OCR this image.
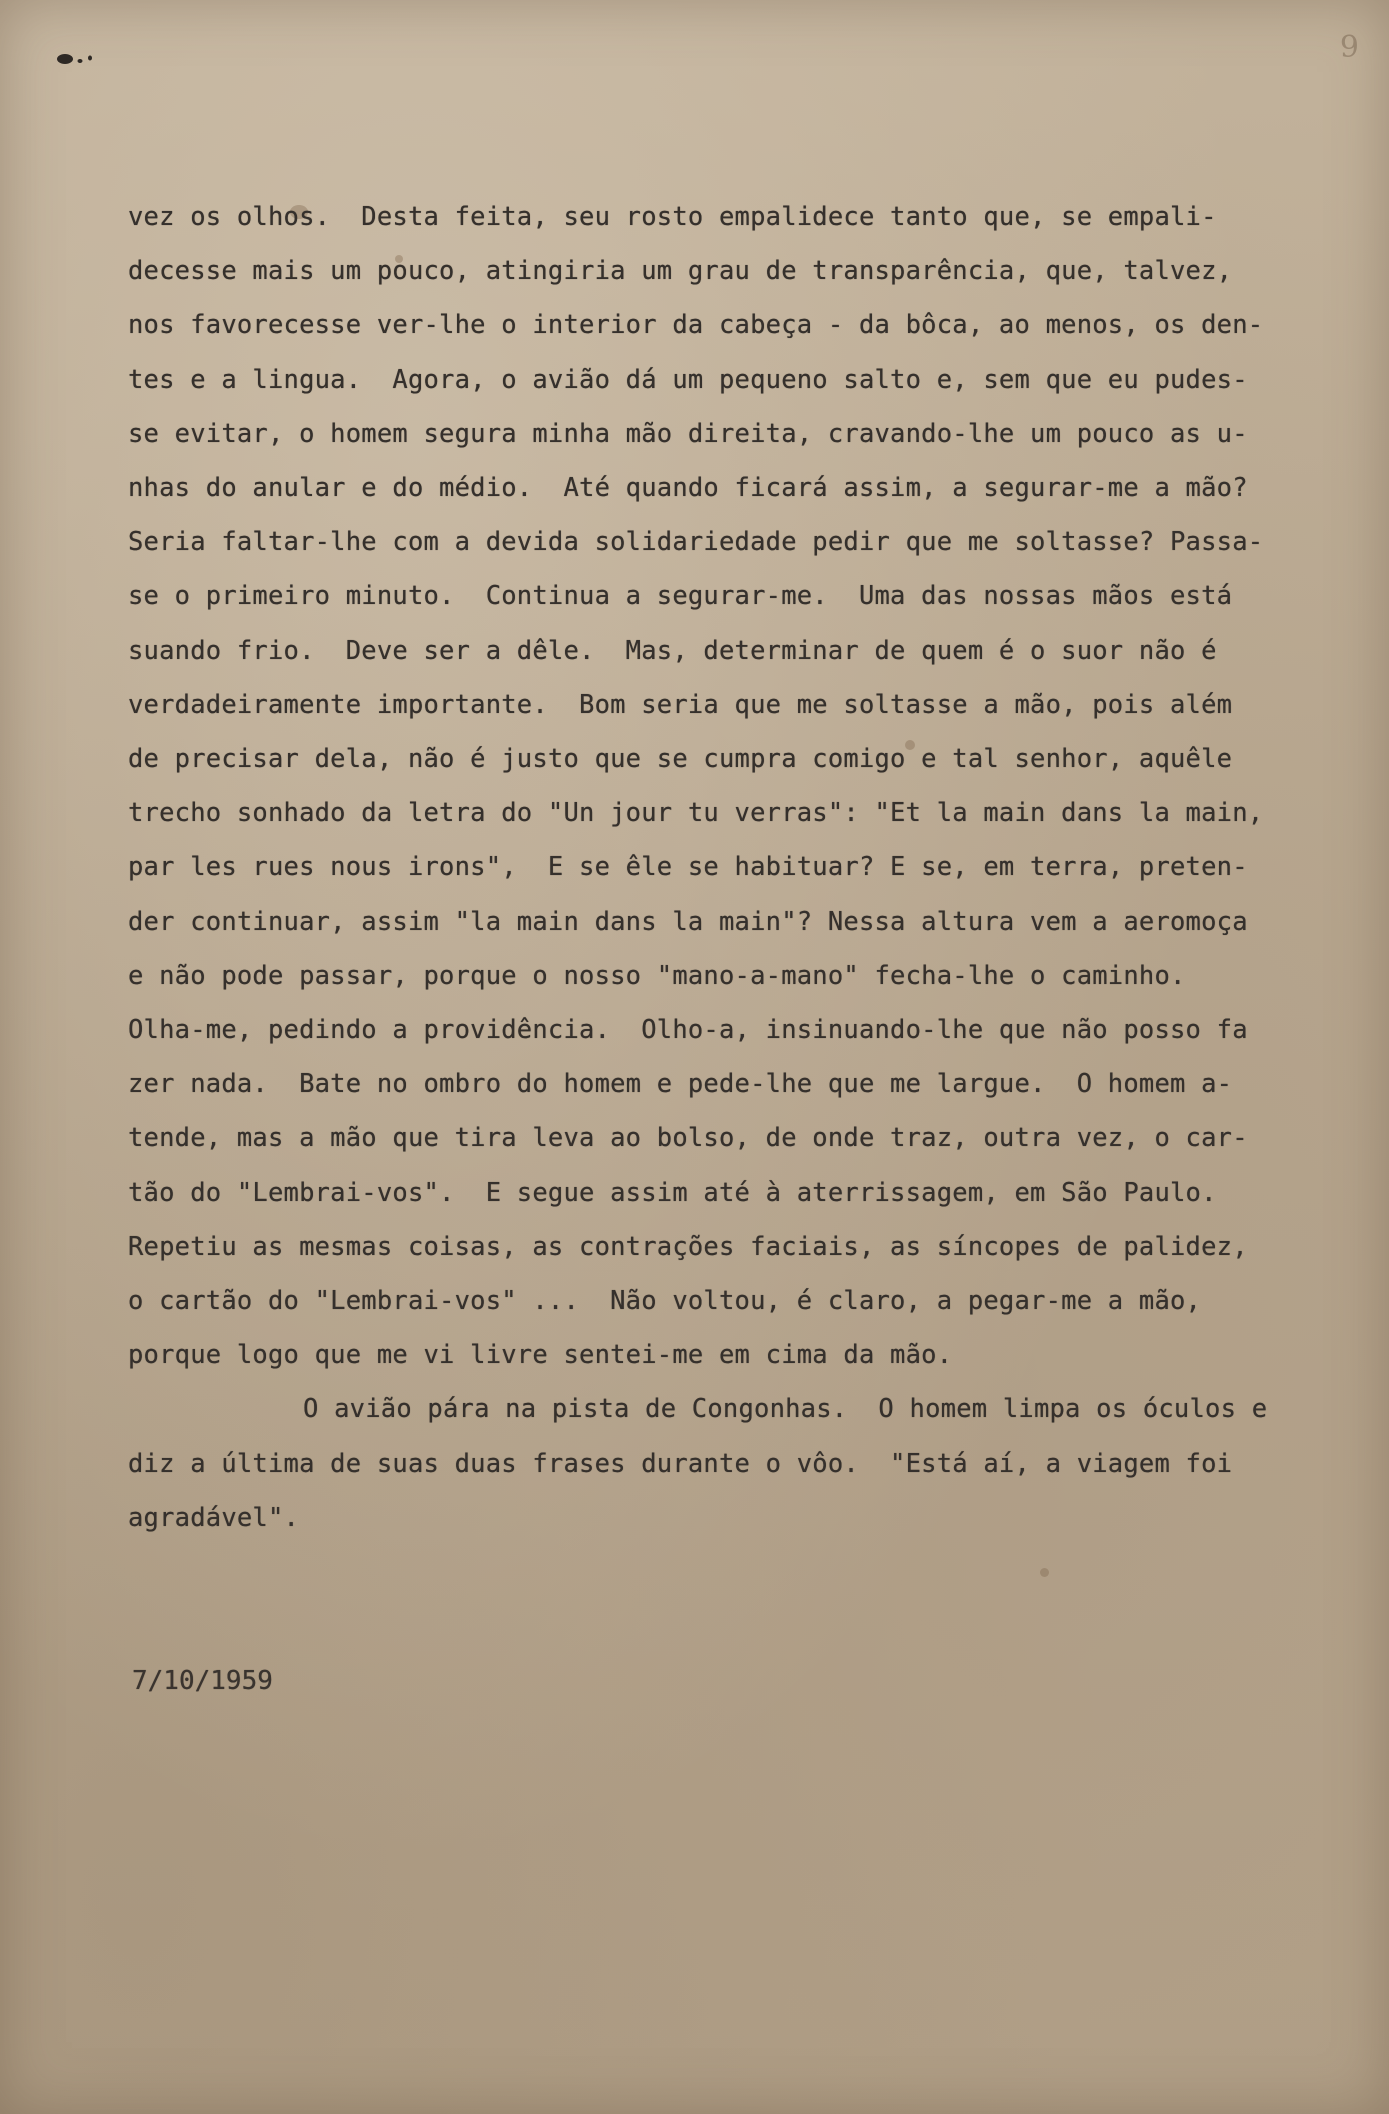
9
vez os olhos.  Desta feita, seu rosto empalidece tanto que, se empali-
decesse mais um pouco, atingiria um grau de transparência, que, talvez,
nos favorecesse ver-lhe o interior da cabeça - da bôca, ao menos, os den-
tes e a lingua.  Agora, o avião dá um pequeno salto e, sem que eu pudes-
se evitar, o homem segura minha mão direita, cravando-lhe um pouco as u-
nhas do anular e do médio.  Até quando ficará assim, a segurar-me a mão?
Seria faltar-lhe com a devida solidariedade pedir que me soltasse? Passa-
se o primeiro minuto.  Continua a segurar-me.  Uma das nossas mãos está
suando frio.  Deve ser a dêle.  Mas, determinar de quem é o suor não é
verdadeiramente importante.  Bom seria que me soltasse a mão, pois além
de precisar dela, não é justo que se cumpra comigo e tal senhor, aquêle
trecho sonhado da letra do "Un jour tu verras": "Et la main dans la main,
par les rues nous irons",  E se êle se habituar? E se, em terra, preten-
der continuar, assim "la main dans la main"? Nessa altura vem a aeromoça
e não pode passar, porque o nosso "mano-a-mano" fecha-lhe o caminho.
Olha-me, pedindo a providência.  Olho-a, insinuando-lhe que não posso fa
zer nada.  Bate no ombro do homem e pede-lhe que me largue.  O homem a-
tende, mas a mão que tira leva ao bolso, de onde traz, outra vez, o car-
tão do "Lembrai-vos".  E segue assim até à aterrissagem, em São Paulo.
Repetiu as mesmas coisas, as contrações faciais, as síncopes de palidez,
o cartão do "Lembrai-vos" ...  Não voltou, é claro, a pegar-me a mão,
porque logo que me vi livre sentei-me em cima da mão.
O avião pára na pista de Congonhas.  O homem limpa os óculos e
diz a última de suas duas frases durante o vôo.  "Está aí, a viagem foi
agradável".
7/10/1959
